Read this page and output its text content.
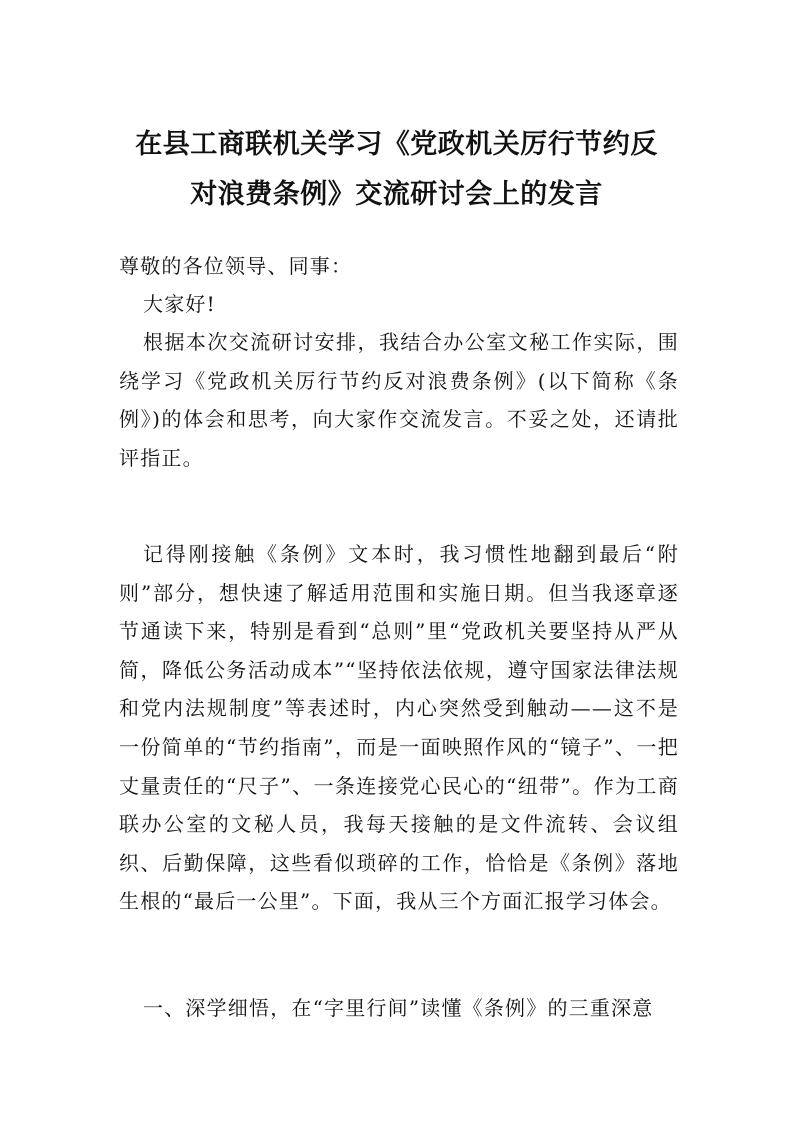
在县工商联机关学习《党政机关厉行节约反
对浪费条例》交流研讨会上的发言

尊敬的各位领导、同事：

大家好!

根据本次交流研讨安排，我结合办公室文秘工作实际，围绕学习《党政机关厉行节约反对浪费条例》(以下简称《条例》)的体会和思考，向大家作交流发言。不妥之处，还请批评指正。

记得刚接触《条例》文本时，我习惯性地翻到最后“附则”部分，想快速了解适用范围和实施日期。但当我逐章逐节通读下来，特别是看到“总则”里“党政机关要坚持从严从简，降低公务活动成本”“坚持依法依规，遵守国家法律法规和党内法规制度”等表述时，内心突然受到触动——这不是一份简单的“节约指南”，而是一面映照作风的“镜子”、一把丈量责任的“尺子”、一条连接党心民心的“纽带”。作为工商联办公室的文秘人员，我每天接触的是文件流转、会议组织、后勤保障，这些看似琐碎的工作，恰恰是《条例》落地生根的“最后一公里”。下面，我从三个方面汇报学习体会。

一、深学细悟，在“字里行间”读懂《条例》的三重深意
